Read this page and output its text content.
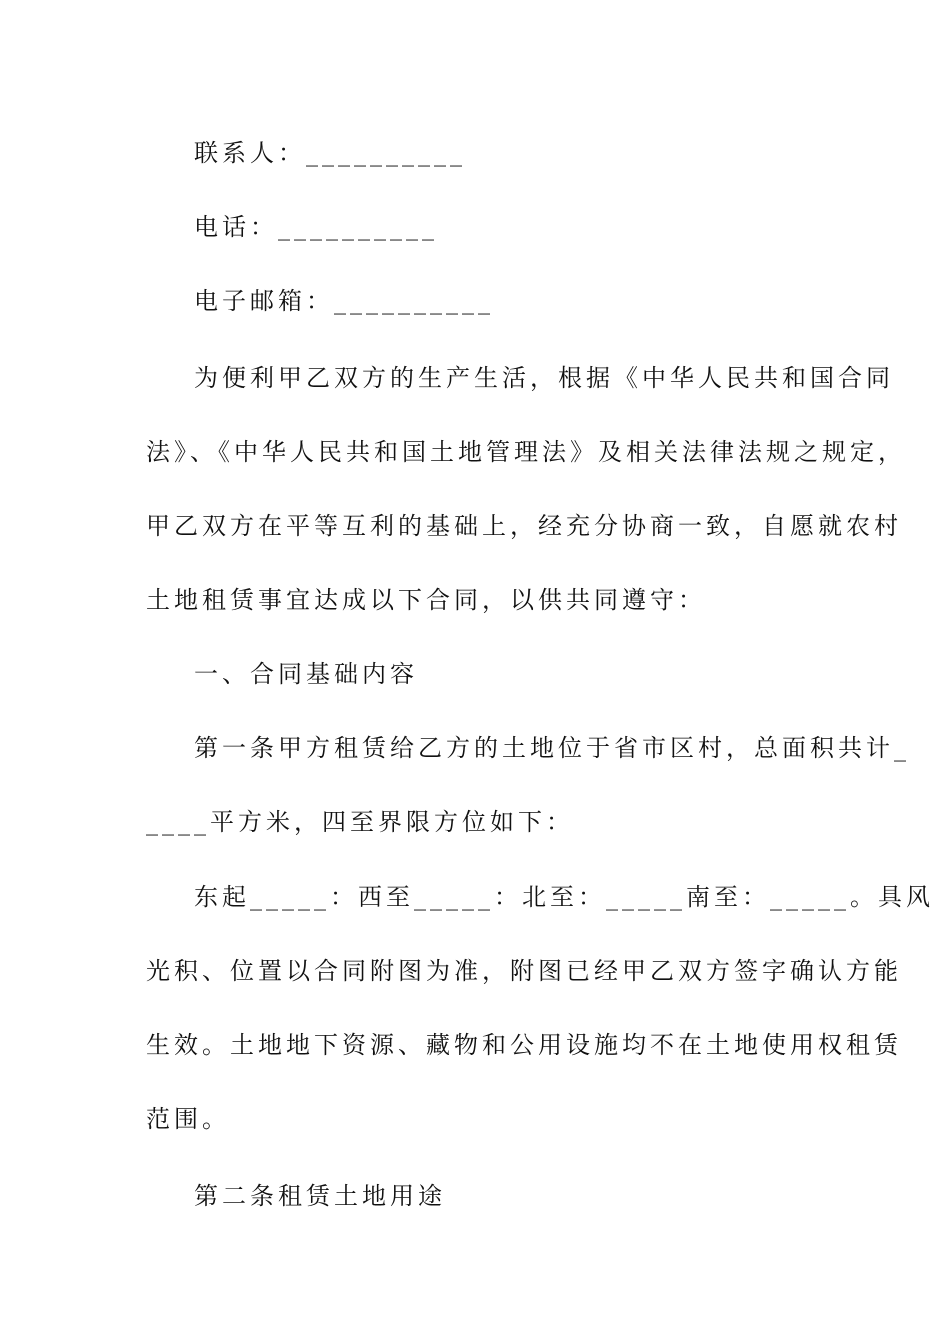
联系人：__________
电话：__________
电子邮箱：__________
为便利甲乙双方的生产生活，根据《中华人民共和国合同
法》、《中华人民共和国土地管理法》及相关法律法规之规定，
甲乙双方在平等互利的基础上，经充分协商一致，自愿就农村
土地租赁事宜达成以下合同，以供共同遵守：
一、合同基础内容
第一条甲方租赁给乙方的土地位于省市区村，总面积共计_
____平方米，四至界限方位如下：
东起_____：西至_____：北至：_____南至：_____。具风
光积、位置以合同附图为准，附图已经甲乙双方签字确认方能
生效。土地地下资源、藏物和公用设施均不在土地使用权租赁
范围。
第二条租赁土地用途
